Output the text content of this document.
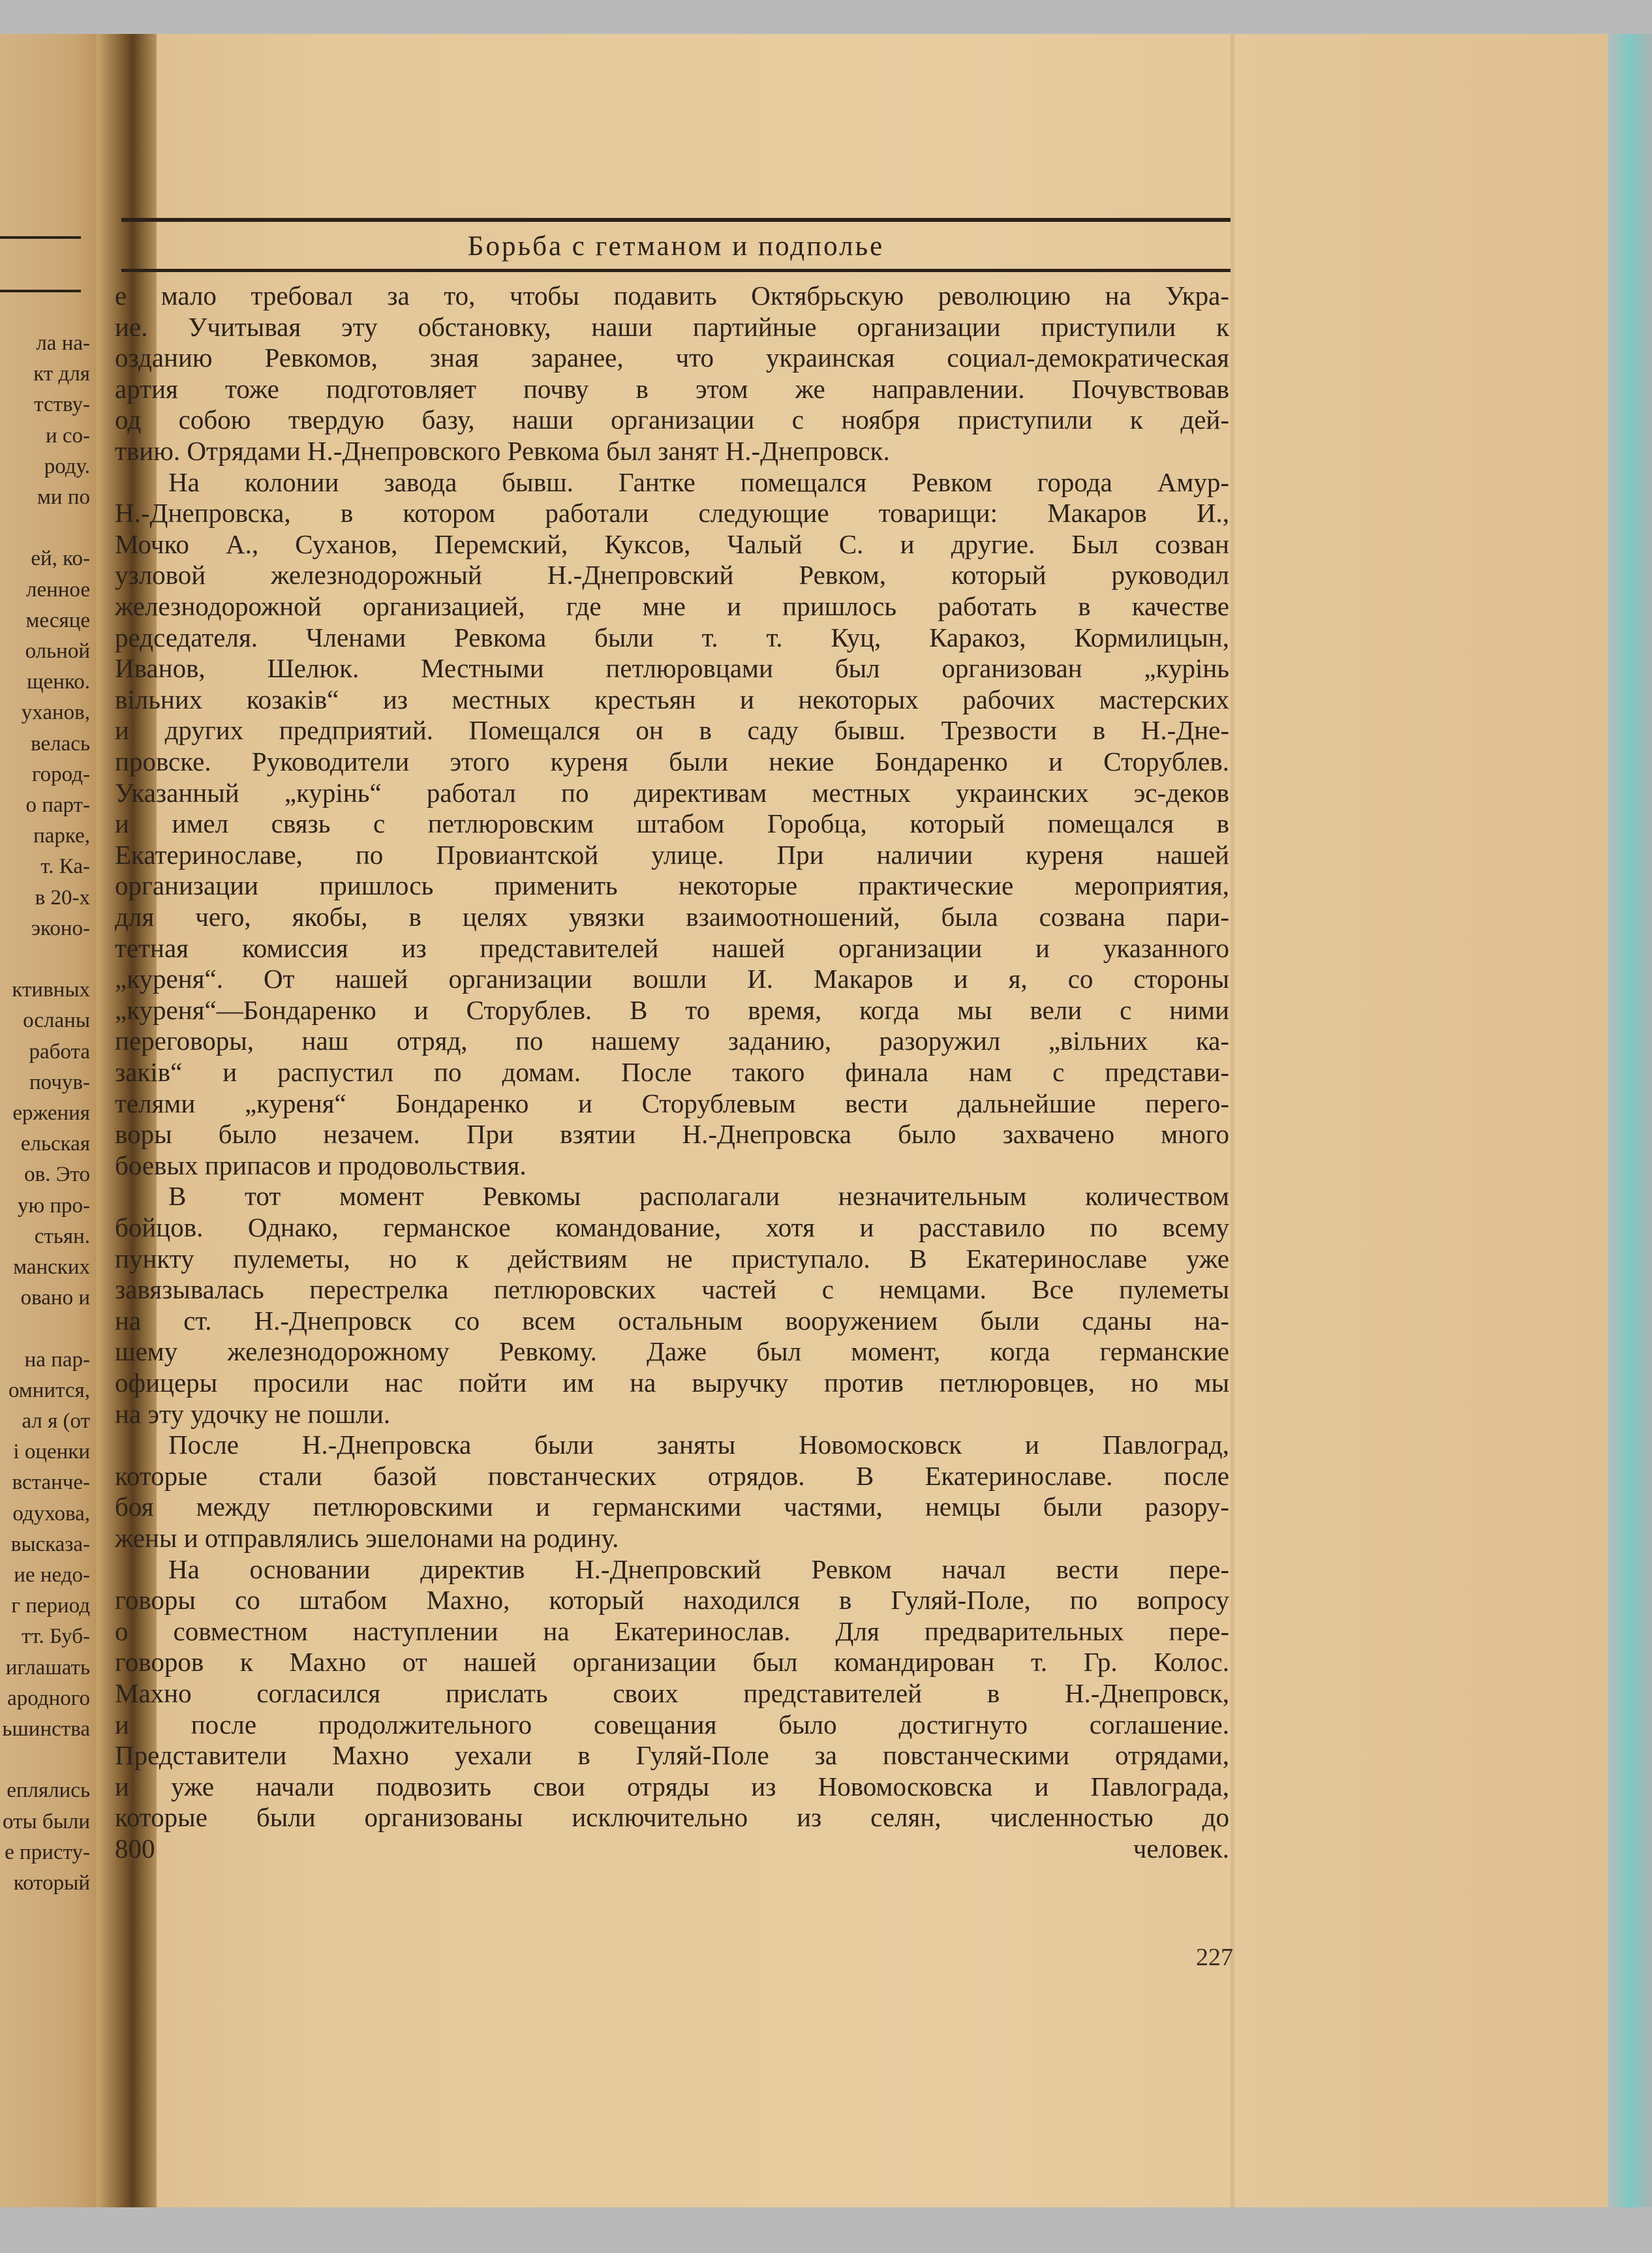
ла на-
кт для
тству-
и со-
роду.
ми по
ей, ко-
ленное
месяце
ольной
щенко.
уханов,
велась
город-
о парт-
парке,
т. Ка-
в 20-х
эконо-
ктивных
осланы
работа
почув-
ержения
ельская
ов. Это
ую про-
стьян.
манских
овано и
на пар-
омнится,
ал я (от
і оценки
встанче-
одухова,
высказа-
ие недо-
г период
тт. Буб-
иглашать
ародного
ьшинства
еплялись
оты были
е присту-
который
Борьба с гетманом и подполье
е мало требовал за то, чтобы подавить Октябрьскую революцию на Укра-
ие. Учитывая эту обстановку, наши партийные организации приступили к
озданию Ревкомов, зная заранее, что украинская социал-демократическая
артия тоже подготовляет почву в этом же направлении. Почувствовав
од собою твердую базу, наши организации с ноября приступили к дей-
твию. Отрядами Н.-Днепровского Ревкома был занят Н.-Днепровск.
На колонии завода бывш. Гантке помещался Ревком города Амур-
Н.-Днепровска, в котором работали следующие товарищи: Макаров И.,
Мочко А., Суханов, Перемский, Куксов, Чалый С. и другие. Был созван
узловой железнодорожный Н.-Днепровский Ревком, который руководил
железнодорожной организацией, где мне и пришлось работать в качестве
редседателя. Членами Ревкома были т. т. Куц, Каракоз, Кормилицын,
Иванов, Шелюк. Местными петлюровцами был организован „курінь
вільних козаків“ из местных крестьян и некоторых рабочих мастерских
и других предприятий. Помещался он в саду бывш. Трезвости в Н.-Дне-
провске. Руководители этого куреня были некие Бондаренко и Сторублев.
Указанный „курінь“ работал по директивам местных украинских эс-деков
и имел связь с петлюровским штабом Горобца, который помещался в
Екатеринославе, по Провиантской улице. При наличии куреня нашей
организации пришлось применить некоторые практические мероприятия,
для чего, якобы, в целях увязки взаимоотношений, была созвана пари-
тетная комиссия из представителей нашей организации и указанного
„куреня“. От нашей организации вошли И. Макаров и я, со стороны
„куреня“—Бондаренко и Сторублев. В то время, когда мы вели с ними
переговоры, наш отряд, по нашему заданию, разоружил „вільних ка-
заків“ и распустил по домам. После такого финала нам с представи-
телями „куреня“ Бондаренко и Сторублевым вести дальнейшие перего-
воры было незачем. При взятии Н.-Днепровска было захвачено много
боевых припасов и продовольствия.
В тот момент Ревкомы располагали незначительным количеством
бойцов. Однако, германское командование, хотя и расставило по всему
пункту пулеметы, но к действиям не приступало. В Екатеринославе уже
завязывалась перестрелка петлюровских частей с немцами. Все пулеметы
на ст. Н.-Днепровск со всем остальным вооружением были сданы на-
шему железнодорожному Ревкому. Даже был момент, когда германские
офицеры просили нас пойти им на выручку против петлюровцев, но мы
на эту удочку не пошли.
После Н.-Днепровска были заняты Новомосковск и Павлоград,
которые стали базой повстанческих отрядов. В Екатеринославе. после
боя между петлюровскими и германскими частями, немцы были разору-
жены и отправлялись эшелонами на родину.
На основании директив Н.-Днепровский Ревком начал вести пере-
говоры со штабом Махно, который находился в Гуляй-Поле, по вопросу
о совместном наступлении на Екатеринослав. Для предварительных пере-
говоров к Махно от нашей организации был командирован т. Гр. Колос.
Махно согласился прислать своих представителей в Н.-Днепровск,
и после продолжительного совещания было достигнуто соглашение.
Представители Махно уехали в Гуляй-Поле за повстанческими отрядами,
и уже начали подвозить свои отряды из Новомосковска и Павлограда,
которые были организованы исключительно из селян, численностью до
800 человек.
227
